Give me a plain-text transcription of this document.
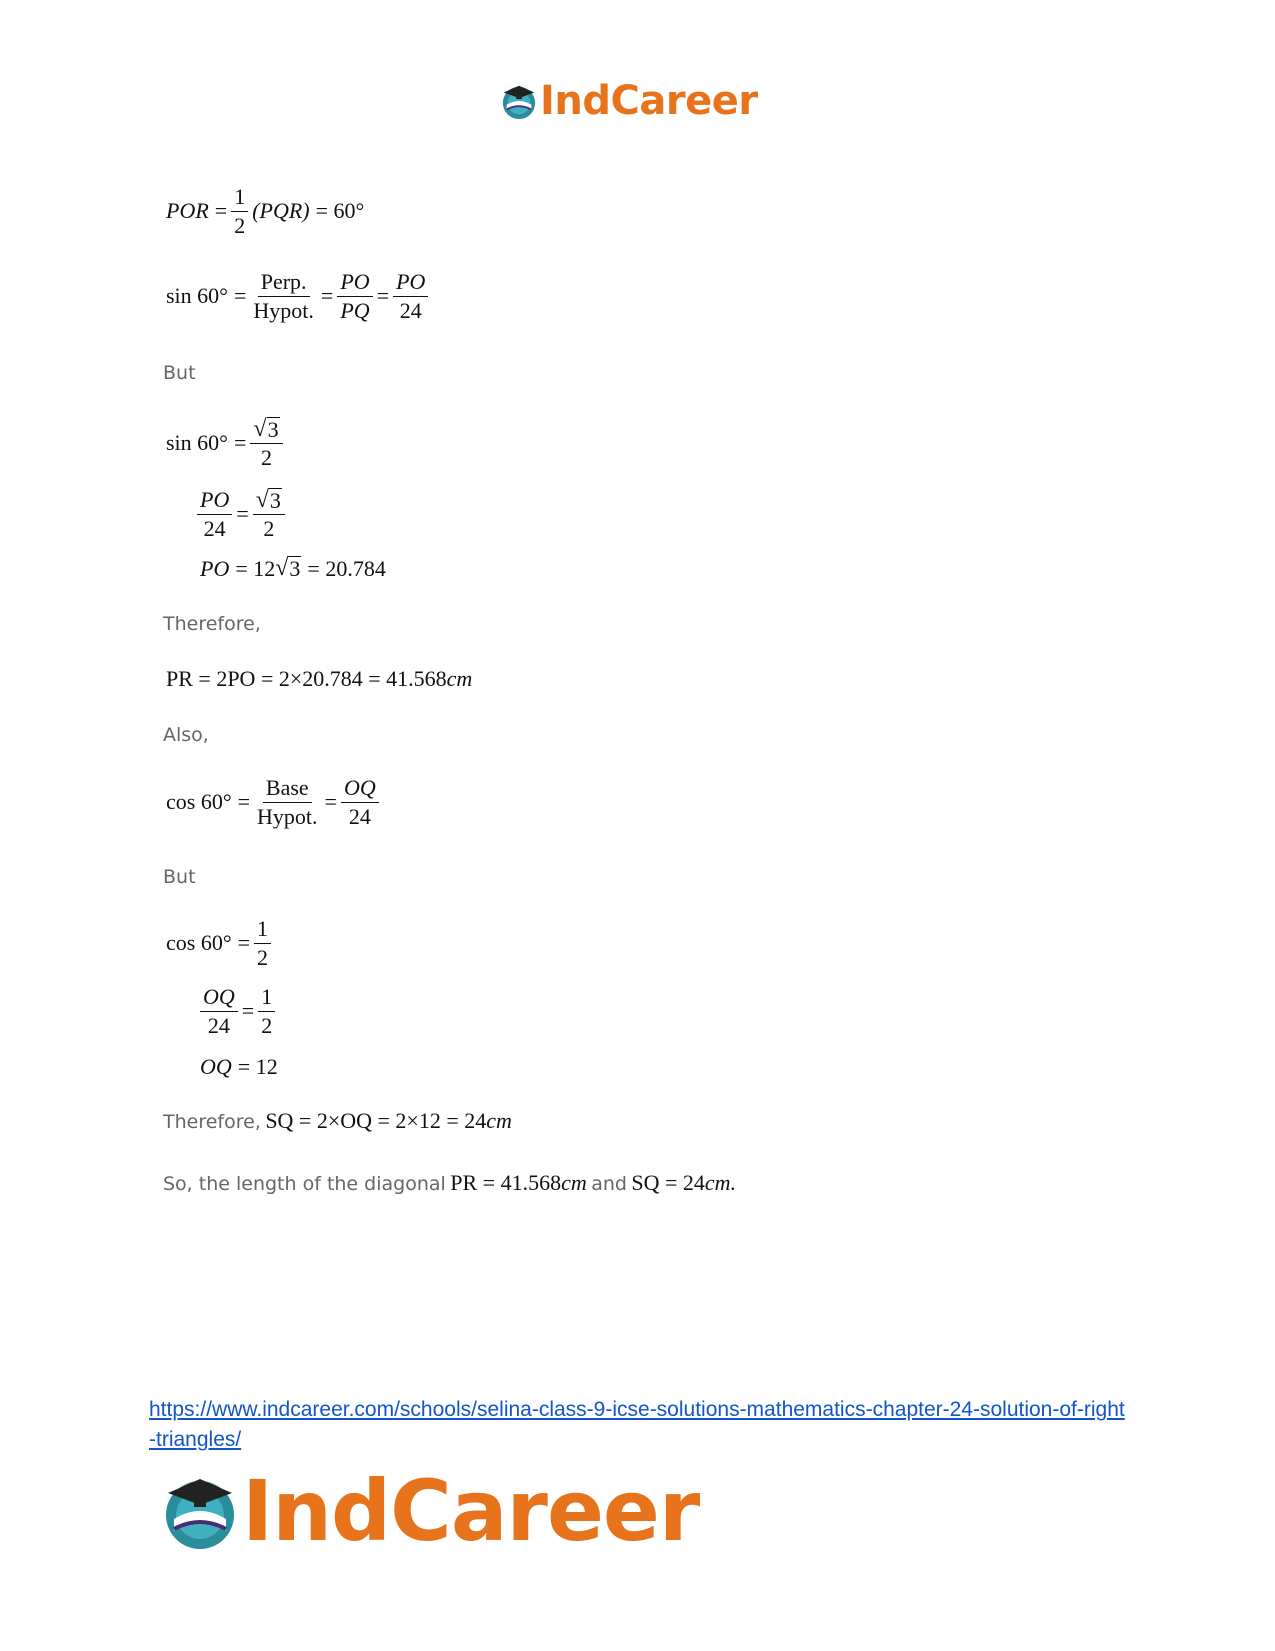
IndCareer
POR = $\frac{1}{2} (PQR) = 60^\circ$
$\sin 60^\circ = \frac{\text{Perp.}}{\text{Hypot.}} = \frac{PO}{PQ} = \frac{PO}{24}$
But
$\sin 60^\circ = \frac{√ 3}{2}$
$\frac{PO}{24} = \frac{√ 3}{2}$
PO = 12 √ 3 = 20.784
Therefore,
PR = 2PO = 2×20.784 = 41.568 cm
Also,
$\cos 60^\circ = \frac{\text{Base}}{\text{Hypot.}} = \frac{OQ}{24}$
But
$\cos 60^\circ = \frac{1}{2}$
$\frac{OQ}{24} = \frac{1}{2}$
OQ = 12
Therefore, SQ = 2×OQ = 2×12 = 24cm
So, the length of the diagonal PR = 41.568cm and SQ = 24cm.
https://www.indcareer.com/schools/selina-class-9-icse-solutions-mathematics-chapter-24-solution-of-right-triangles/
IndCareer
